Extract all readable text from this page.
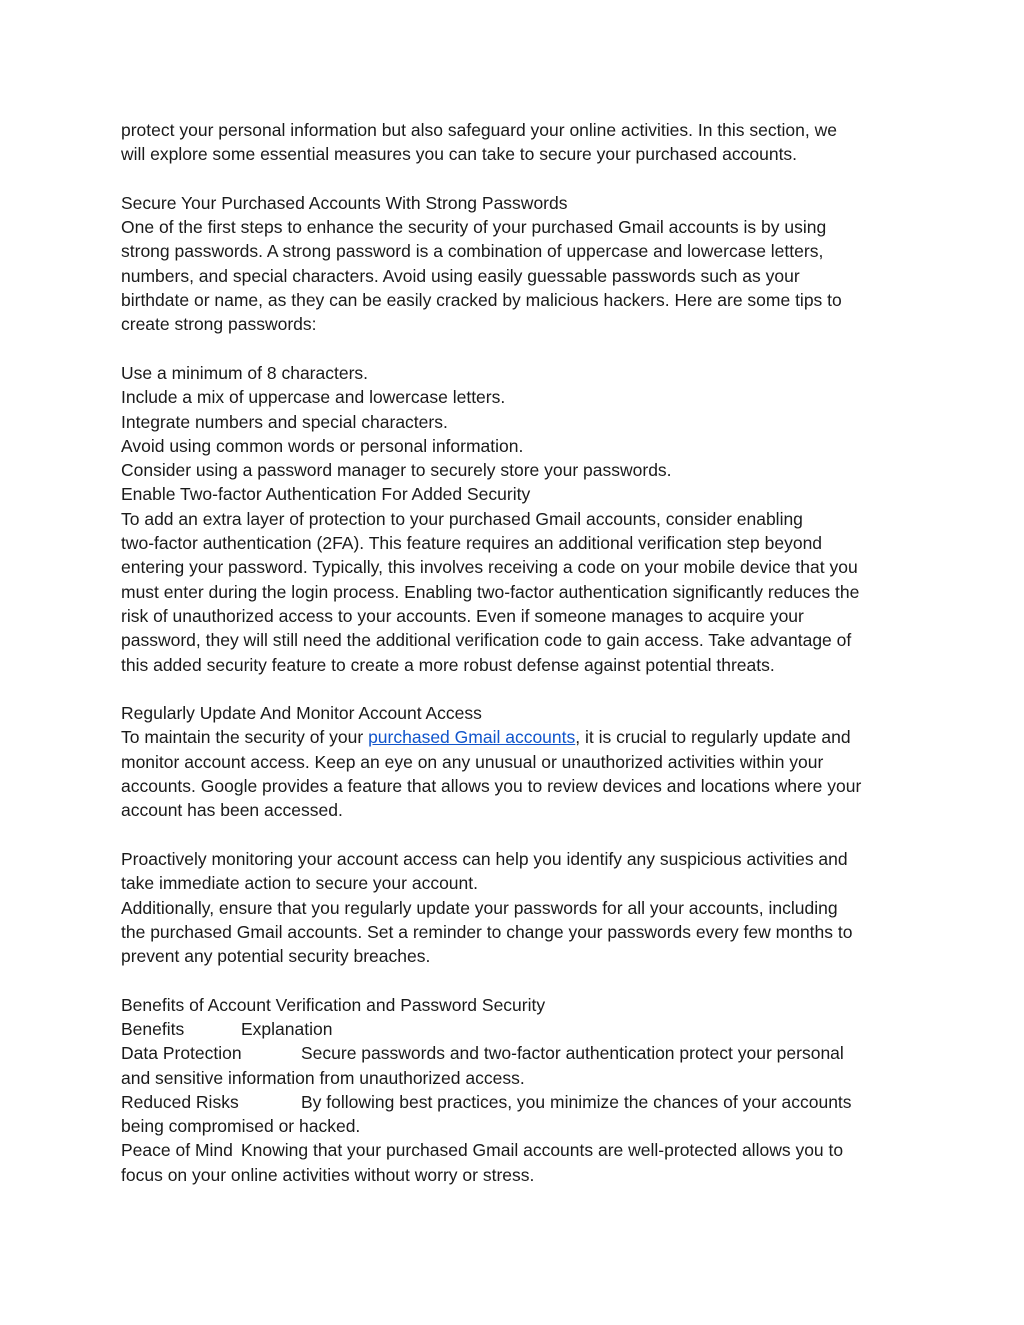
protect your personal information but also safeguard your online activities. In this section, we
will explore some essential measures you can take to secure your purchased accounts.

Secure Your Purchased Accounts With Strong Passwords

One of the first steps to enhance the security of your purchased Gmail accounts is by using
strong passwords. A strong password is a combination of uppercase and lowercase letters,
numbers, and special characters. Avoid using easily guessable passwords such as your
birthdate or name, as they can be easily cracked by malicious hackers. Here are some tips to
create strong passwords:

Use a minimum of 8 characters.

Include a mix of uppercase and lowercase letters.

Integrate numbers and special characters.

Avoid using common words or personal information.

Consider using a password manager to securely store your passwords.

Enable Two-factor Authentication For Added Security

To add an extra layer of protection to your purchased Gmail accounts, consider enabling
two-factor authentication (2FA). This feature requires an additional verification step beyond
entering your password. Typically, this involves receiving a code on your mobile device that you
must enter during the login process. Enabling two-factor authentication significantly reduces the
risk of unauthorized access to your accounts. Even if someone manages to acquire your
password, they will still need the additional verification code to gain access. Take advantage of
this added security feature to create a more robust defense against potential threats.

Regularly Update And Monitor Account Access

To maintain the security of your purchased Gmail accounts, it is crucial to regularly update and
monitor account access. Keep an eye on any unusual or unauthorized activities within your
accounts. Google provides a feature that allows you to review devices and locations where your
account has been accessed.

Proactively monitoring your account access can help you identify any suspicious activities and
take immediate action to secure your account.
Additionally, ensure that you regularly update your passwords for all your accounts, including
the purchased Gmail accounts. Set a reminder to change your passwords every few months to
prevent any potential security breaches.

Benefits of Account Verification and Password Security

Benefits	Explanation

Data Protection	Secure passwords and two-factor authentication protect your personal

and sensitive information from unauthorized access.

Reduced Risks	By following best practices, you minimize the chances of your accounts

being compromised or hacked.

Peace of Mind Knowing that your purchased Gmail accounts are well-protected allows you to

focus on your online activities without worry or stress.
